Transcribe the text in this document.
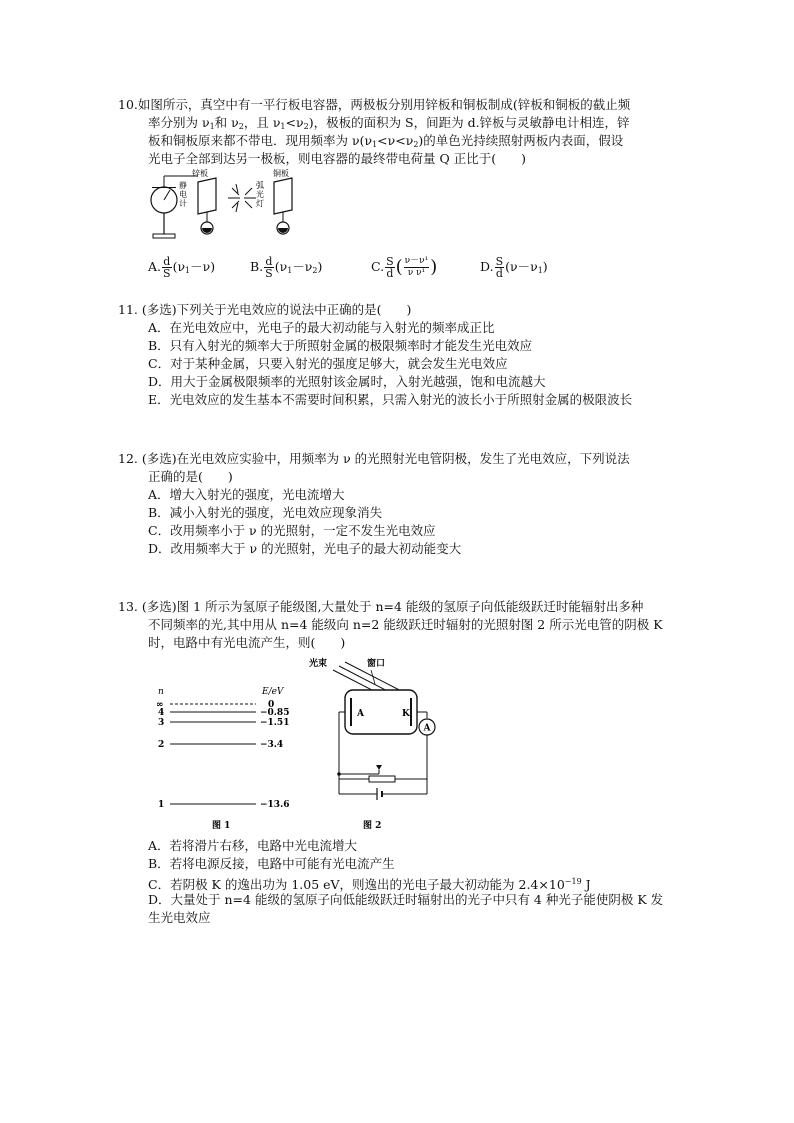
10.如图所示，真空中有一平行板电容器，两极板分别用锌板和铜板制成(锌板和铜板的截止频
率分别为 $\nu_1$和 $\nu_2$，且 $\nu_1<\nu_2$)，极板的面积为 S，间距为 d.锌板与灵敏静电计相连，锌
板和铜板原来都不带电．现用频率为 $\nu(\nu_1<\nu<\nu_2)$的单色光持续照射两板内表面，假设
光电子全部到达另一极板，则电容器的最终带电荷量 Q 正比于(　　)
静
电
计
锌板
弧
光
灯
铜板
A. $\frac{d}{S} (\nu_1-\nu)$	B. $\frac{d}{S} (\nu_1-\nu_2)$	C. $\frac{S}{d}$ ( $\frac{\text{ν－ν¹}}{\text{ν ν¹}}$ )	D. $\frac{S}{d} (\nu-\nu_1)$
11. (多选)下列关于光电效应的说法中正确的是(　　)
A．在光电效应中，光电子的最大初动能与入射光的频率成正比
B．只有入射光的频率大于所照射金属的极限频率时才能发生光电效应
C．对于某种金属，只要入射光的强度足够大，就会发生光电效应
D．用大于金属极限频率的光照射该金属时，入射光越强，饱和电流越大
E．光电效应的发生基本不需要时间积累，只需入射光的波长小于所照射金属的极限波长
12. (多选)在光电效应实验中，用频率为 ν 的光照射光电管阴极，发生了光电效应，下列说法
正确的是(　　)
A．增大入射光的强度，光电流增大
B．减小入射光的强度，光电效应现象消失
C．改用频率小于 ν 的光照射，一定不发生光电效应
D．改用频率大于 ν 的光照射，光电子的最大初动能变大
13. (多选)图 1 所示为氢原子能级图,大量处于 n=4 能级的氢原子向低能级跃迁时能辐射出多种
不同频率的光,其中用从 n=4 能级向 n=2 能级跃迁时辐射的光照射图 2 所示光电管的阴极 K
时，电路中有光电流产生，则(　　)
n	E/eV
∞	0
4	−0.85
3	−1.51
2	−3.4
1	−13.6
图 1
光束	窗口
A	K
A
图 2
A．若将滑片右移，电路中光电流增大
B．若将电源反接，电路中可能有光电流产生
C．若阴极 K 的逸出功为 1.05 eV，则逸出的光电子最大初动能为 $2.4\times 10^{-19}$ J
D．大量处于 n=4 能级的氢原子向低能级跃迁时辐射出的光子中只有 4 种光子能使阴极 K 发
生光电效应
